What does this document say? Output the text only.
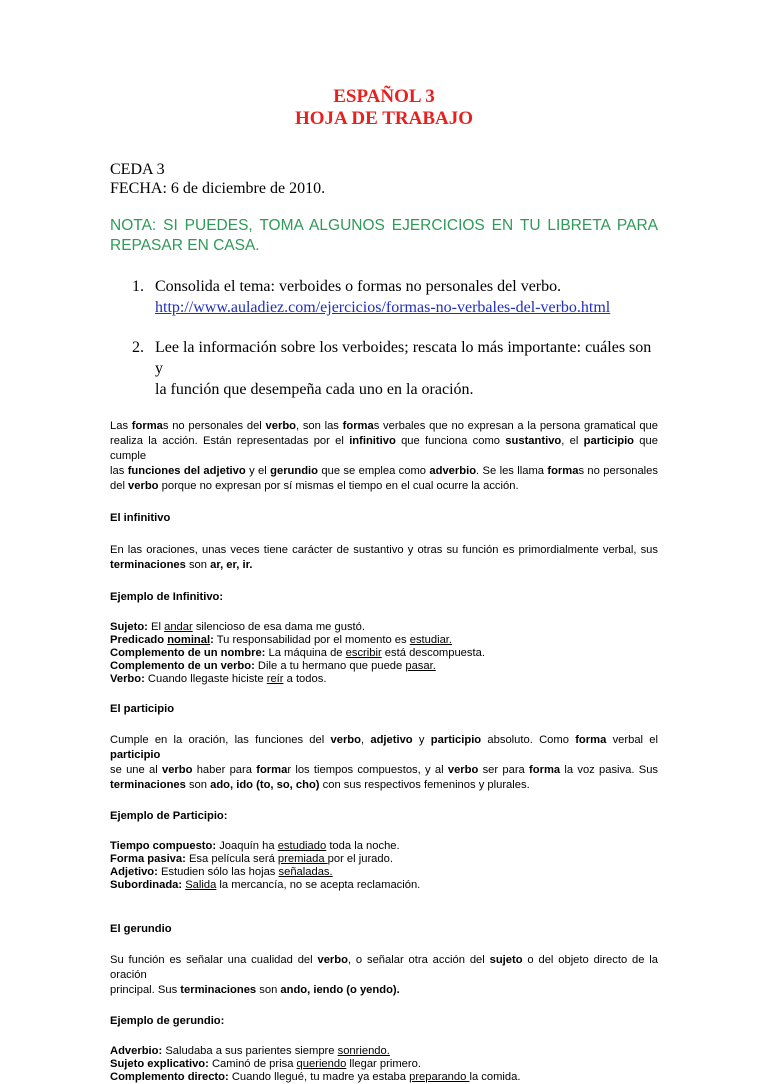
ESPAÑOL 3
HOJA DE TRABAJO
CEDA 3
FECHA: 6 de diciembre de 2010.
NOTA: SI PUEDES, TOMA ALGUNOS EJERCICIOS EN TU LIBRETA PARA
REPASAR EN CASA.
1. Consolida el tema: verboides o formas no personales del verbo.
http://www.auladiez.com/ejercicios/formas-no-verbales-del-verbo.html
2. Lee la información sobre los verboides; rescata lo más importante: cuáles son y
la función que desempeña cada uno en la oración.
Las formas no personales del verbo, son las formas verbales que no expresan a la persona gramatical que
realiza la acción. Están representadas por el infinitivo que funciona como sustantivo, el participio que cumple
las funciones del adjetivo y el gerundio que se emplea como adverbio. Se les llama formas no personales
del verbo porque no expresan por sí mismas el tiempo en el cual ocurre la acción.
El infinitivo
En las oraciones, unas veces tiene carácter de sustantivo y otras su función es primordialmente verbal, sus
terminaciones son ar, er, ir.
Ejemplo de Infinitivo:
Sujeto: El andar silencioso de esa dama me gustó.
Predicado nominal: Tu responsabilidad por el momento es estudiar.
Complemento de un nombre: La máquina de escribir está descompuesta.
Complemento de un verbo: Dile a tu hermano que puede pasar.
Verbo: Cuando llegaste hiciste reír a todos.
El participio
Cumple en la oración, las funciones del verbo, adjetivo y participio absoluto. Como forma verbal el participio
se une al verbo haber para formar los tiempos compuestos, y al verbo ser para forma la voz pasiva. Sus
terminaciones son ado, ido (to, so, cho) con sus respectivos femeninos y plurales.
Ejemplo de Participio:
Tiempo compuesto: Joaquín ha estudiado toda la noche.
Forma pasiva: Esa película será premiada por el jurado.
Adjetivo: Estudien sólo las hojas señaladas.
Subordinada: Salida la mercancía, no se acepta reclamación.
El gerundio
Su función es señalar una cualidad del verbo, o señalar otra acción del sujeto o del objeto directo de la oración
principal. Sus terminaciones son ando, iendo (o yendo).
Ejemplo de gerundio:
Adverbio: Saludaba a sus parientes siempre sonriendo.
Sujeto explicativo: Caminó de prisa queriendo llegar primero.
Complemento directo: Cuando llegué, tu madre ya estaba preparando la comida.
